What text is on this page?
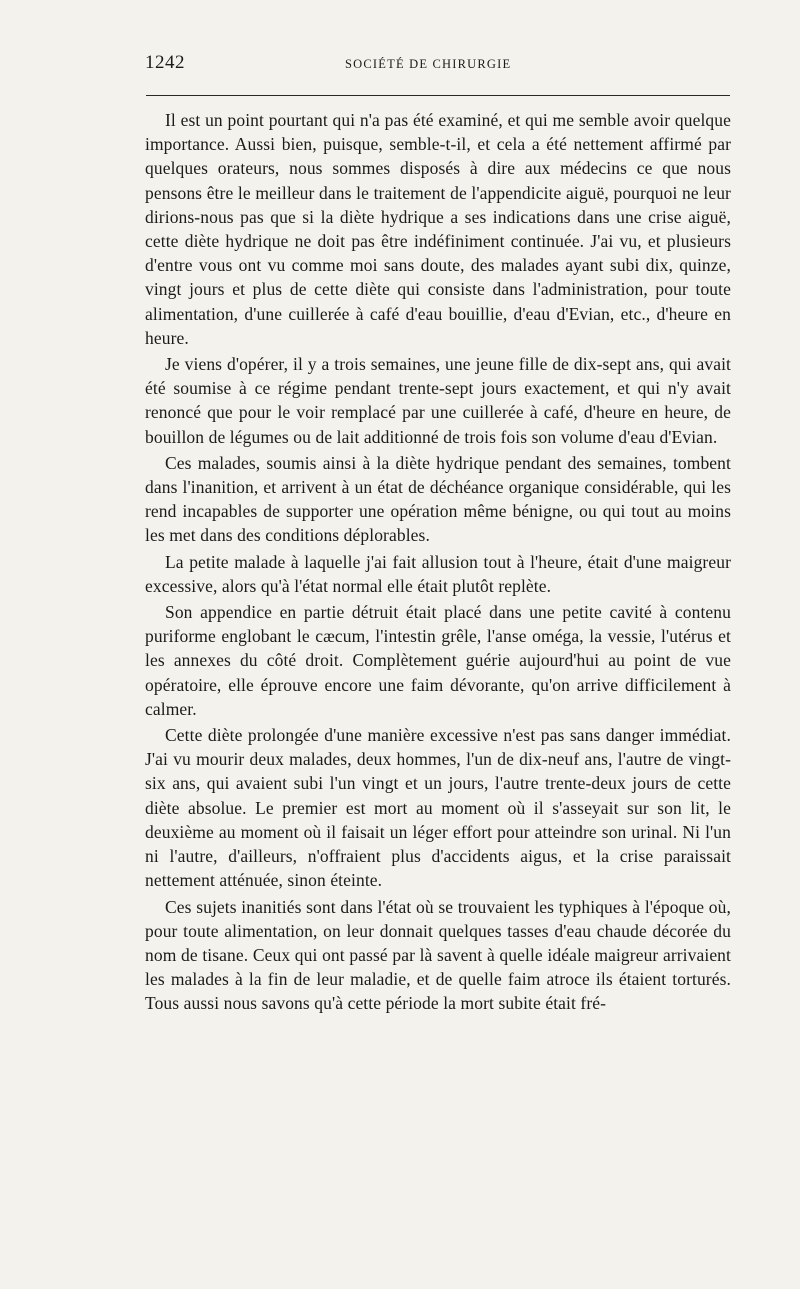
1242	SOCIÉTÉ DE CHIRURGIE

Il est un point pourtant qui n'a pas été examiné, et qui me semble avoir quelque importance. Aussi bien, puisque, semble-t-il, et cela a été nettement affirmé par quelques orateurs, nous sommes disposés à dire aux médecins ce que nous pensons être le meilleur dans le traitement de l'appendicite aiguë, pourquoi ne leur dirions-nous pas que si la diète hydrique a ses indications dans une crise aiguë, cette diète hydrique ne doit pas être indéfiniment continuée. J'ai vu, et plusieurs d'entre vous ont vu comme moi sans doute, des malades ayant subi dix, quinze, vingt jours et plus de cette diète qui consiste dans l'administration, pour toute alimentation, d'une cuillerée à café d'eau bouillie, d'eau d'Evian, etc., d'heure en heure.

Je viens d'opérer, il y a trois semaines, une jeune fille de dix-sept ans, qui avait été soumise à ce régime pendant trente-sept jours exactement, et qui n'y avait renoncé que pour le voir remplacé par une cuillerée à café, d'heure en heure, de bouillon de légumes ou de lait additionné de trois fois son volume d'eau d'Evian.

Ces malades, soumis ainsi à la diète hydrique pendant des semaines, tombent dans l'inanition, et arrivent à un état de déchéance organique considérable, qui les rend incapables de supporter une opération même bénigne, ou qui tout au moins les met dans des conditions déplorables.

La petite malade à laquelle j'ai fait allusion tout à l'heure, était d'une maigreur excessive, alors qu'à l'état normal elle était plutôt replète.

Son appendice en partie détruit était placé dans une petite cavité à contenu puriforme englobant le cæcum, l'intestin grêle, l'anse oméga, la vessie, l'utérus et les annexes du côté droit. Complètement guérie aujourd'hui au point de vue opératoire, elle éprouve encore une faim dévorante, qu'on arrive difficilement à calmer.

Cette diète prolongée d'une manière excessive n'est pas sans danger immédiat. J'ai vu mourir deux malades, deux hommes, l'un de dix-neuf ans, l'autre de vingt-six ans, qui avaient subi l'un vingt et un jours, l'autre trente-deux jours de cette diète absolue. Le premier est mort au moment où il s'asseyait sur son lit, le deuxième au moment où il faisait un léger effort pour atteindre son urinal. Ni l'un ni l'autre, d'ailleurs, n'offraient plus d'accidents aigus, et la crise paraissait nettement atténuée, sinon éteinte.

Ces sujets inanitiés sont dans l'état où se trouvaient les typhiques à l'époque où, pour toute alimentation, on leur donnait quelques tasses d'eau chaude décorée du nom de tisane. Ceux qui ont passé par là savent à quelle idéale maigreur arrivaient les malades à la fin de leur maladie, et de quelle faim atroce ils étaient torturés. Tous aussi nous savons qu'à cette période la mort subite était fré-
